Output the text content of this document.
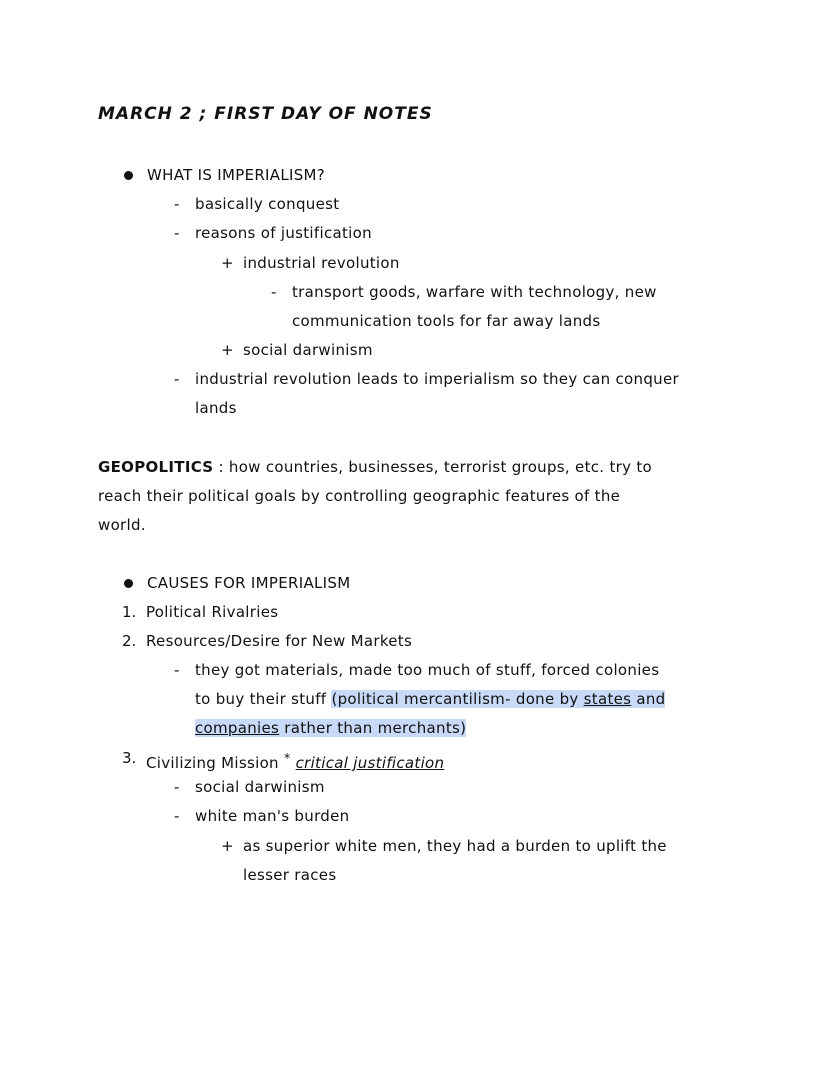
MARCH 2 ; FIRST DAY OF NOTES
WHAT IS IMPERIALISM?
- basically conquest
- reasons of justification
+ industrial revolution
- transport goods, warfare with technology, new
communication tools for far away lands
+ social darwinism
- industrial revolution leads to imperialism so they can conquer
lands
GEOPOLITICS : how countries, businesses, terrorist groups, etc. try to
reach their political goals by controlling geographic features of the
world.
CAUSES FOR IMPERIALISM
1. Political Rivalries
2. Resources/Desire for New Markets
- they got materials, made too much of stuff, forced colonies
to buy their stuff (political mercantilism- done by states and
companies rather than merchants)
3. Civilizing Mission * critical justification
- social darwinism
- white man's burden
+ as superior white men, they had a burden to uplift the
lesser races
